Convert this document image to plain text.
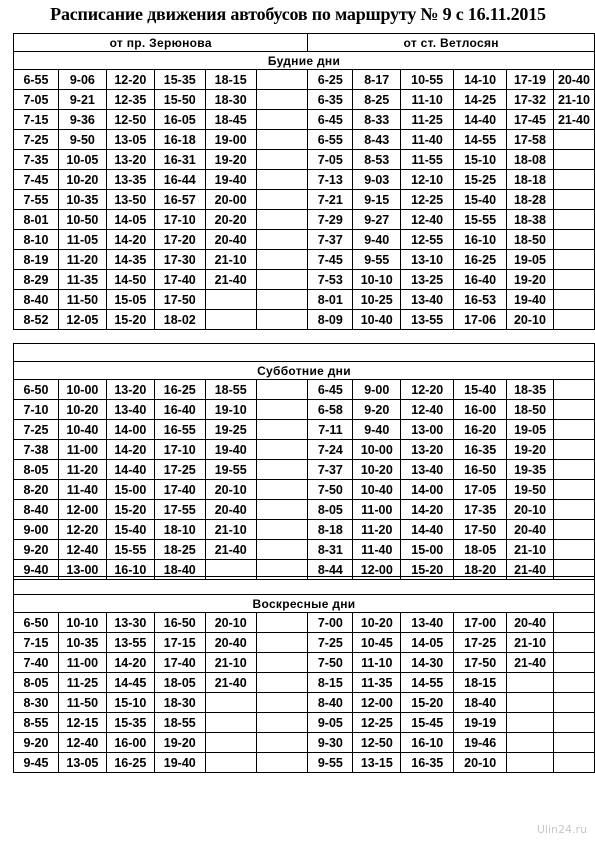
Расписание движения автобусов по маршруту № 9 с 16.11.2015
от пр. Зерюнова						от ст. Ветлосян					
Будние дни											
6-55	9-06	12-20	15-35	18-15		6-25	8-17	10-55	14-10	17-19	20-40
7-05	9-21	12-35	15-50	18-30		6-35	8-25	11-10	14-25	17-32	21-10
7-15	9-36	12-50	16-05	18-45		6-45	8-33	11-25	14-40	17-45	21-40
7-25	9-50	13-05	16-18	19-00		6-55	8-43	11-40	14-55	17-58	
7-35	10-05	13-20	16-31	19-20		7-05	8-53	11-55	15-10	18-08	
7-45	10-20	13-35	16-44	19-40		7-13	9-03	12-10	15-25	18-18	
7-55	10-35	13-50	16-57	20-00		7-21	9-15	12-25	15-40	18-28	
8-01	10-50	14-05	17-10	20-20		7-29	9-27	12-40	15-55	18-38	
8-10	11-05	14-20	17-20	20-40		7-37	9-40	12-55	16-10	18-50	
8-19	11-20	14-35	17-30	21-10		7-45	9-55	13-10	16-25	19-05	
8-29	11-35	14-50	17-40	21-40		7-53	10-10	13-25	16-40	19-20	
8-40	11-50	15-05	17-50			8-01	10-25	13-40	16-53	19-40	
8-52	12-05	15-20	18-02			8-09	10-40	13-55	17-06	20-10	

Субботние дни											
6-50	10-00	13-20	16-25	18-55		6-45	9-00	12-20	15-40	18-35	
7-10	10-20	13-40	16-40	19-10		6-58	9-20	12-40	16-00	18-50	
7-25	10-40	14-00	16-55	19-25		7-11	9-40	13-00	16-20	19-05	
7-38	11-00	14-20	17-10	19-40		7-24	10-00	13-20	16-35	19-20	
8-05	11-20	14-40	17-25	19-55		7-37	10-20	13-40	16-50	19-35	
8-20	11-40	15-00	17-40	20-10		7-50	10-40	14-00	17-05	19-50	
8-40	12-00	15-20	17-55	20-40		8-05	11-00	14-20	17-35	20-10	
9-00	12-20	15-40	18-10	21-10		8-18	11-20	14-40	17-50	20-40	
9-20	12-40	15-55	18-25	21-40		8-31	11-40	15-00	18-05	21-10	
9-40	13-00	16-10	18-40			8-44	12-00	15-20	18-20	21-40	

Воскресные дни											
6-50	10-10	13-30	16-50	20-10		7-00	10-20	13-40	17-00	20-40	
7-15	10-35	13-55	17-15	20-40		7-25	10-45	14-05	17-25	21-10	
7-40	11-00	14-20	17-40	21-10		7-50	11-10	14-30	17-50	21-40	
8-05	11-25	14-45	18-05	21-40		8-15	11-35	14-55	18-15		
8-30	11-50	15-10	18-30			8-40	12-00	15-20	18-40		
8-55	12-15	15-35	18-55			9-05	12-25	15-45	19-19		
9-20	12-40	16-00	19-20			9-30	12-50	16-10	19-46		
9-45	13-05	16-25	19-40			9-55	13-15	16-35	20-10		
Ulin24.ru
